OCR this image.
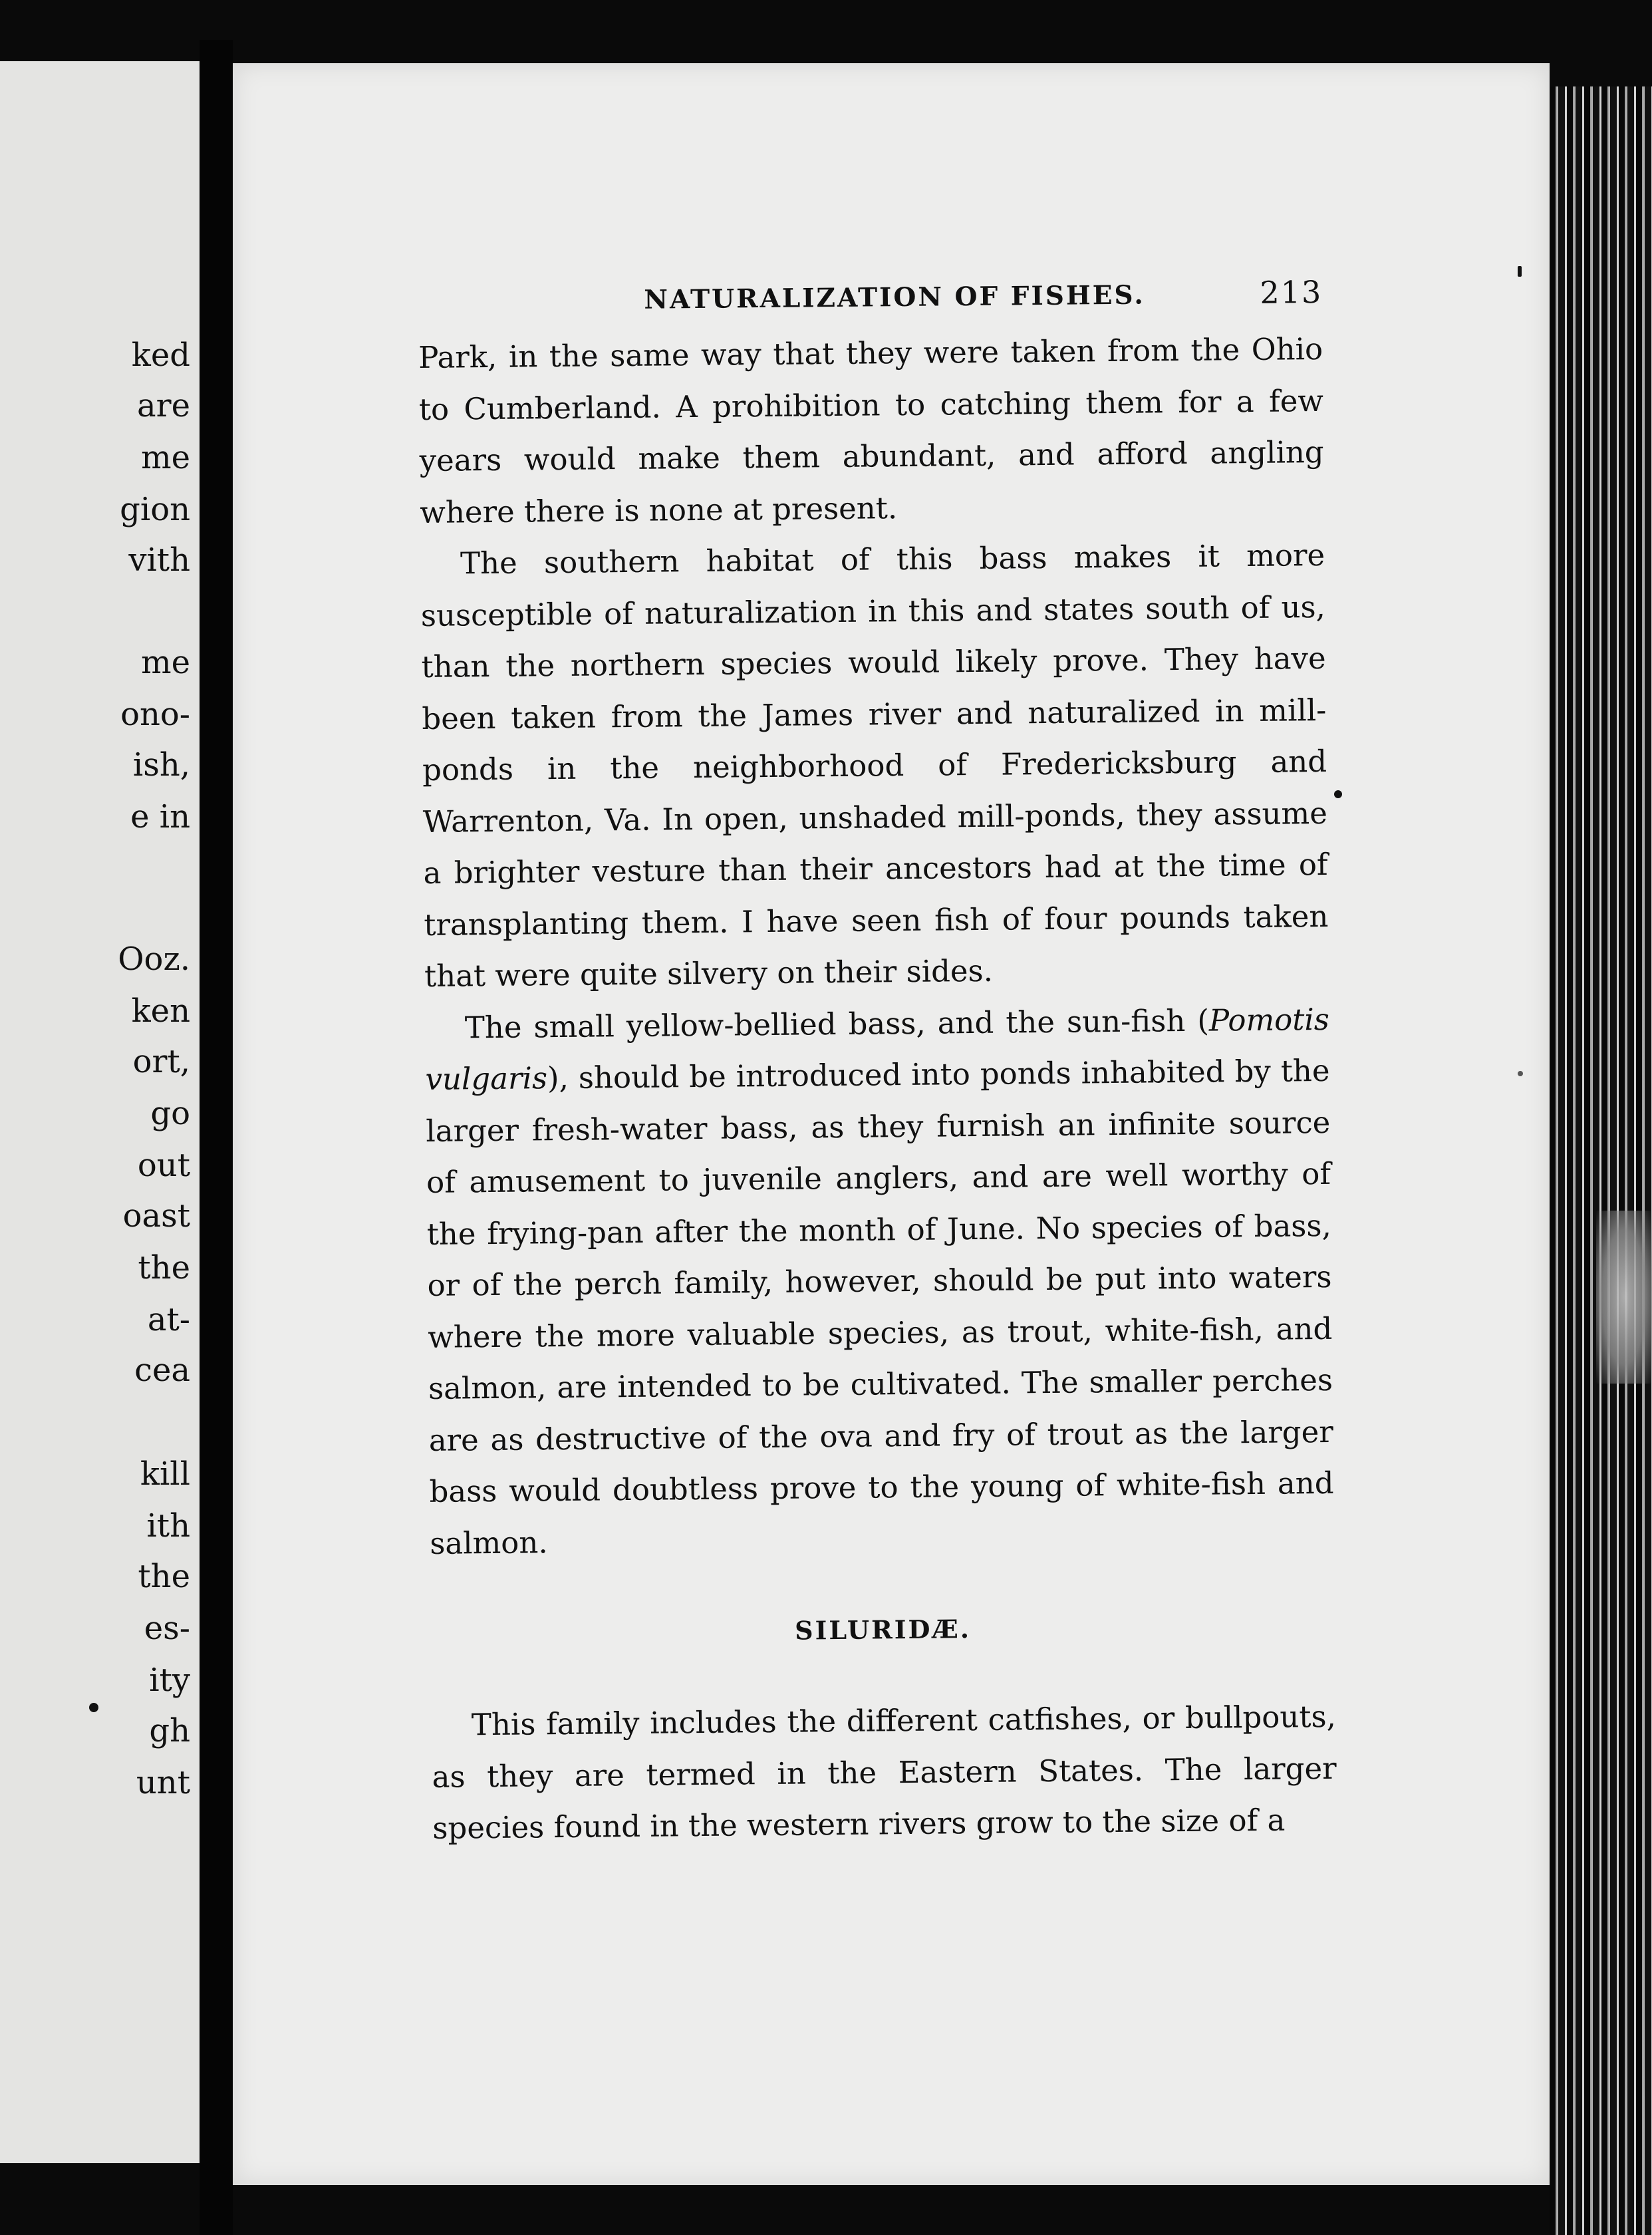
ked
are
me
gion
vith
me
ono-
ish,
e in
Ooz.
ken
ort,
go
out
oast
the
at-
cea
kill
ith
the
es-
ity
gh
unt
NATURALIZATION OF FISHES.	213

Park, in the same way that they were taken from the Ohio to Cumberland. A prohibition to catching them for a few years would make them abundant, and afford angling where there is none at present.

The southern habitat of this bass makes it more susceptible of naturalization in this and states south of us, than the northern species would likely prove. They have been taken from the James river and naturalized in mill-ponds in the neighborhood of Fredericksburg and Warrenton, Va. In open, unshaded mill-ponds, they assume a brighter vesture than their ancestors had at the time of transplanting them. I have seen fish of four pounds taken that were quite silvery on their sides.

The small yellow-bellied bass, and the sun-fish (Pomotis vulgaris), should be introduced into ponds inhabited by the larger fresh-water bass, as they furnish an infinite source of amusement to juvenile anglers, and are well worthy of the frying-pan after the month of June. No species of bass, or of the perch family, however, should be put into waters where the more valuable species, as trout, white-fish, and salmon, are intended to be cultivated. The smaller perches are as destructive of the ova and fry of trout as the larger bass would doubtless prove to the young of white-fish and salmon.

SILURIDÆ.

This family includes the different catfishes, or bullpouts, as they are termed in the Eastern States. The larger species found in the western rivers grow to the size of a
